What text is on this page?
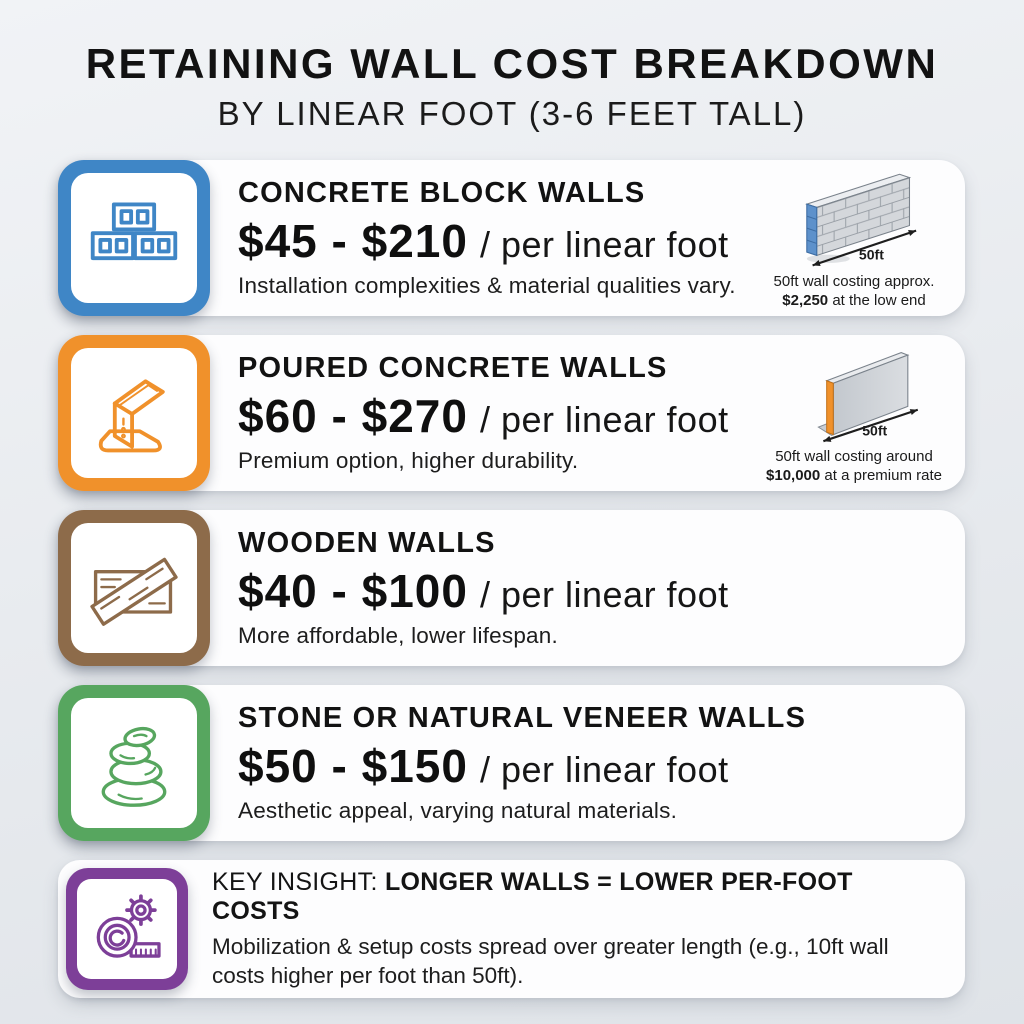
RETAINING WALL COST BREAKDOWN
BY LINEAR FOOT (3-6 FEET TALL)
CONCRETE BLOCK WALLS
$45 - $210 / per linear foot

Installation complexities & material qualities vary.

50ft
50ft wall costing approx.
$2,250 at the low end
POURED CONCRETE WALLS
$60 - $270 / per linear foot

Premium option, higher durability.

50ft
50ft wall costing around
$10,000 at a premium rate
WOODEN WALLS
$40 - $100 / per linear foot

More affordable, lower lifespan.

STONE OR NATURAL VENEER WALLS
$50 - $150 / per linear foot

Aesthetic appeal, varying natural materials.

KEY INSIGHT: LONGER WALLS = LOWER PER-FOOT COSTS

Mobilization & setup costs spread over greater length (e.g., 10ft wall costs higher per foot than 50ft).
